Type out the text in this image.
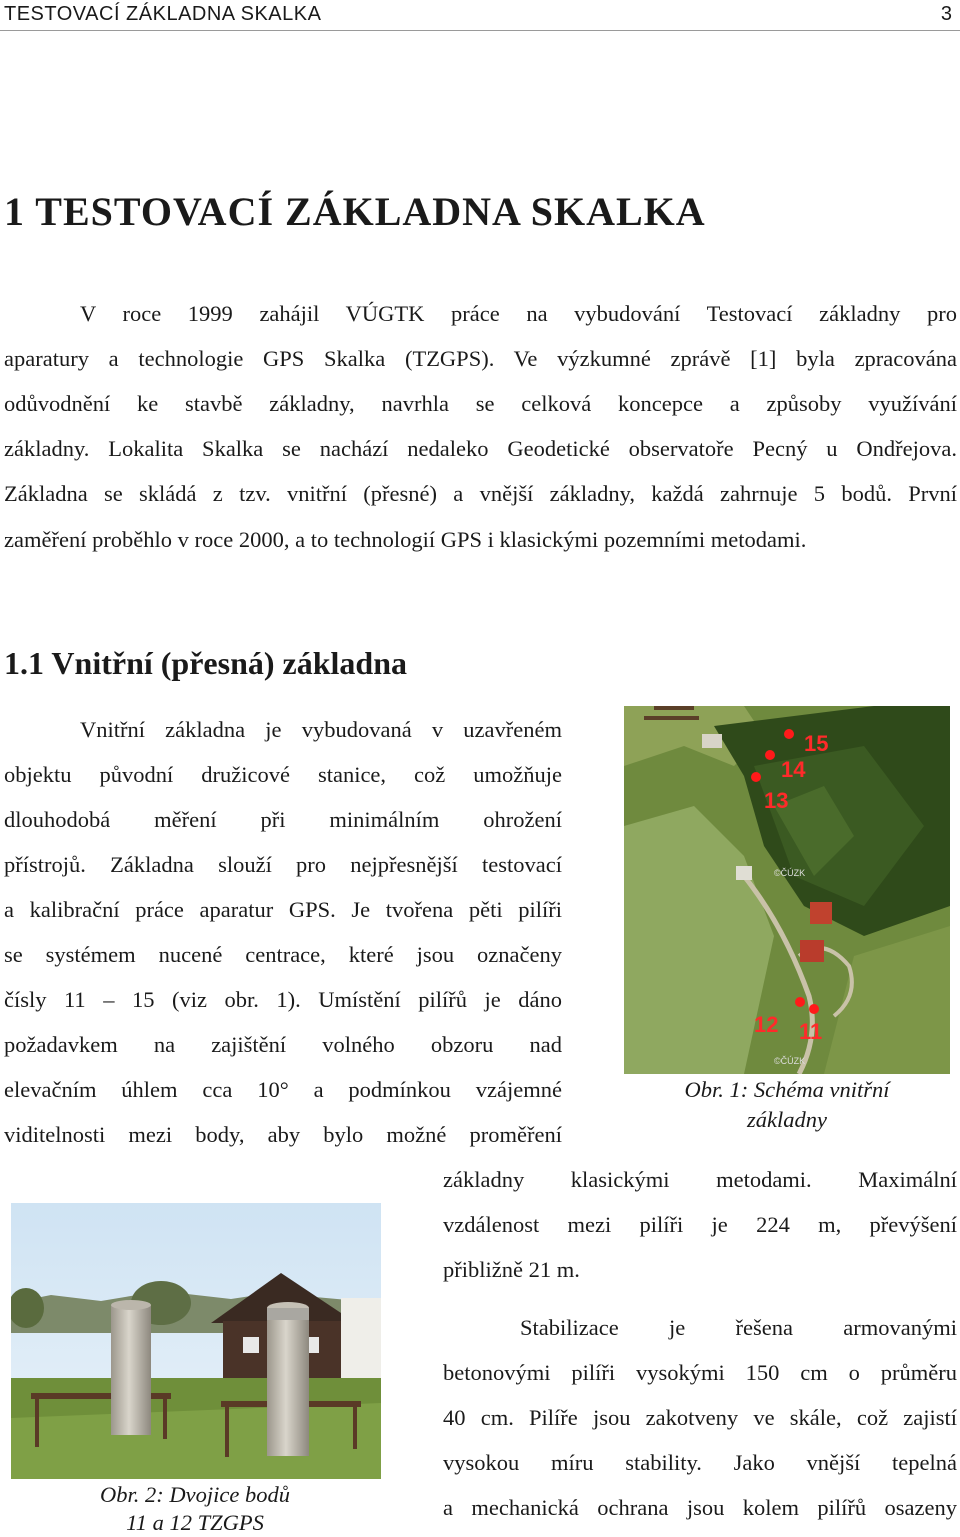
TESTOVACÍ ZÁKLADNA SKALKA	3
1 TESTOVACÍ ZÁKLADNA SKALKA
V roce 1999 zahájil VÚGTK práce na vybudování Testovací základny pro
aparatury a technologie GPS Skalka (TZGPS). Ve výzkumné zprávě [1] byla zpracována
odůvodnění ke stavbě základny, navrhla se celková koncepce a způsoby využívání
základny. Lokalita Skalka se nachází nedaleko Geodetické observatoře Pecný u Ondřejova.
Základna se skládá z tzv. vnitřní (přesné) a vnější základny, každá zahrnuje 5 bodů. První
zaměření proběhlo v roce 2000, a to technologií GPS i klasickými pozemními metodami.
1.1 Vnitřní (přesná) základna
Vnitřní základna je vybudovaná v uzavřeném
objektu původní družicové stanice, což umožňuje
dlouhodobá měření při minimálním ohrožení
přístrojů. Základna slouží pro nejpřesnější testovací
a kalibrační práce aparatur GPS. Je tvořena pěti pilíři
se systémem nucené centrace, které jsou označeny
čísly 11 – 15 (viz obr. 1). Umístění pilířů je dáno
požadavkem na zajištění volného obzoru nad
elevačním úhlem cca 10° a podmínkou vzájemné
viditelnosti mezi body, aby bylo možné proměření
základny klasickými metodami. Maximální
vzdálenost mezi pilíři je 224 m, převýšení
přibližně 21 m.
Stabilizace je řešena armovanými
betonovými pilíři vysokými 150 cm o průměru
40 cm. Pilíře jsou zakotveny ve skále, což zajistí
vysokou míru stability. Jako vnější tepelná
a mechanická ochrana jsou kolem pilířů osazeny
15
14
13
12 11
©ČÚZK
©ČÚZK
Obr. 1: Schéma vnitřní
základny
Obr. 2: Dvojice bodů
11 a 12 TZGPS
